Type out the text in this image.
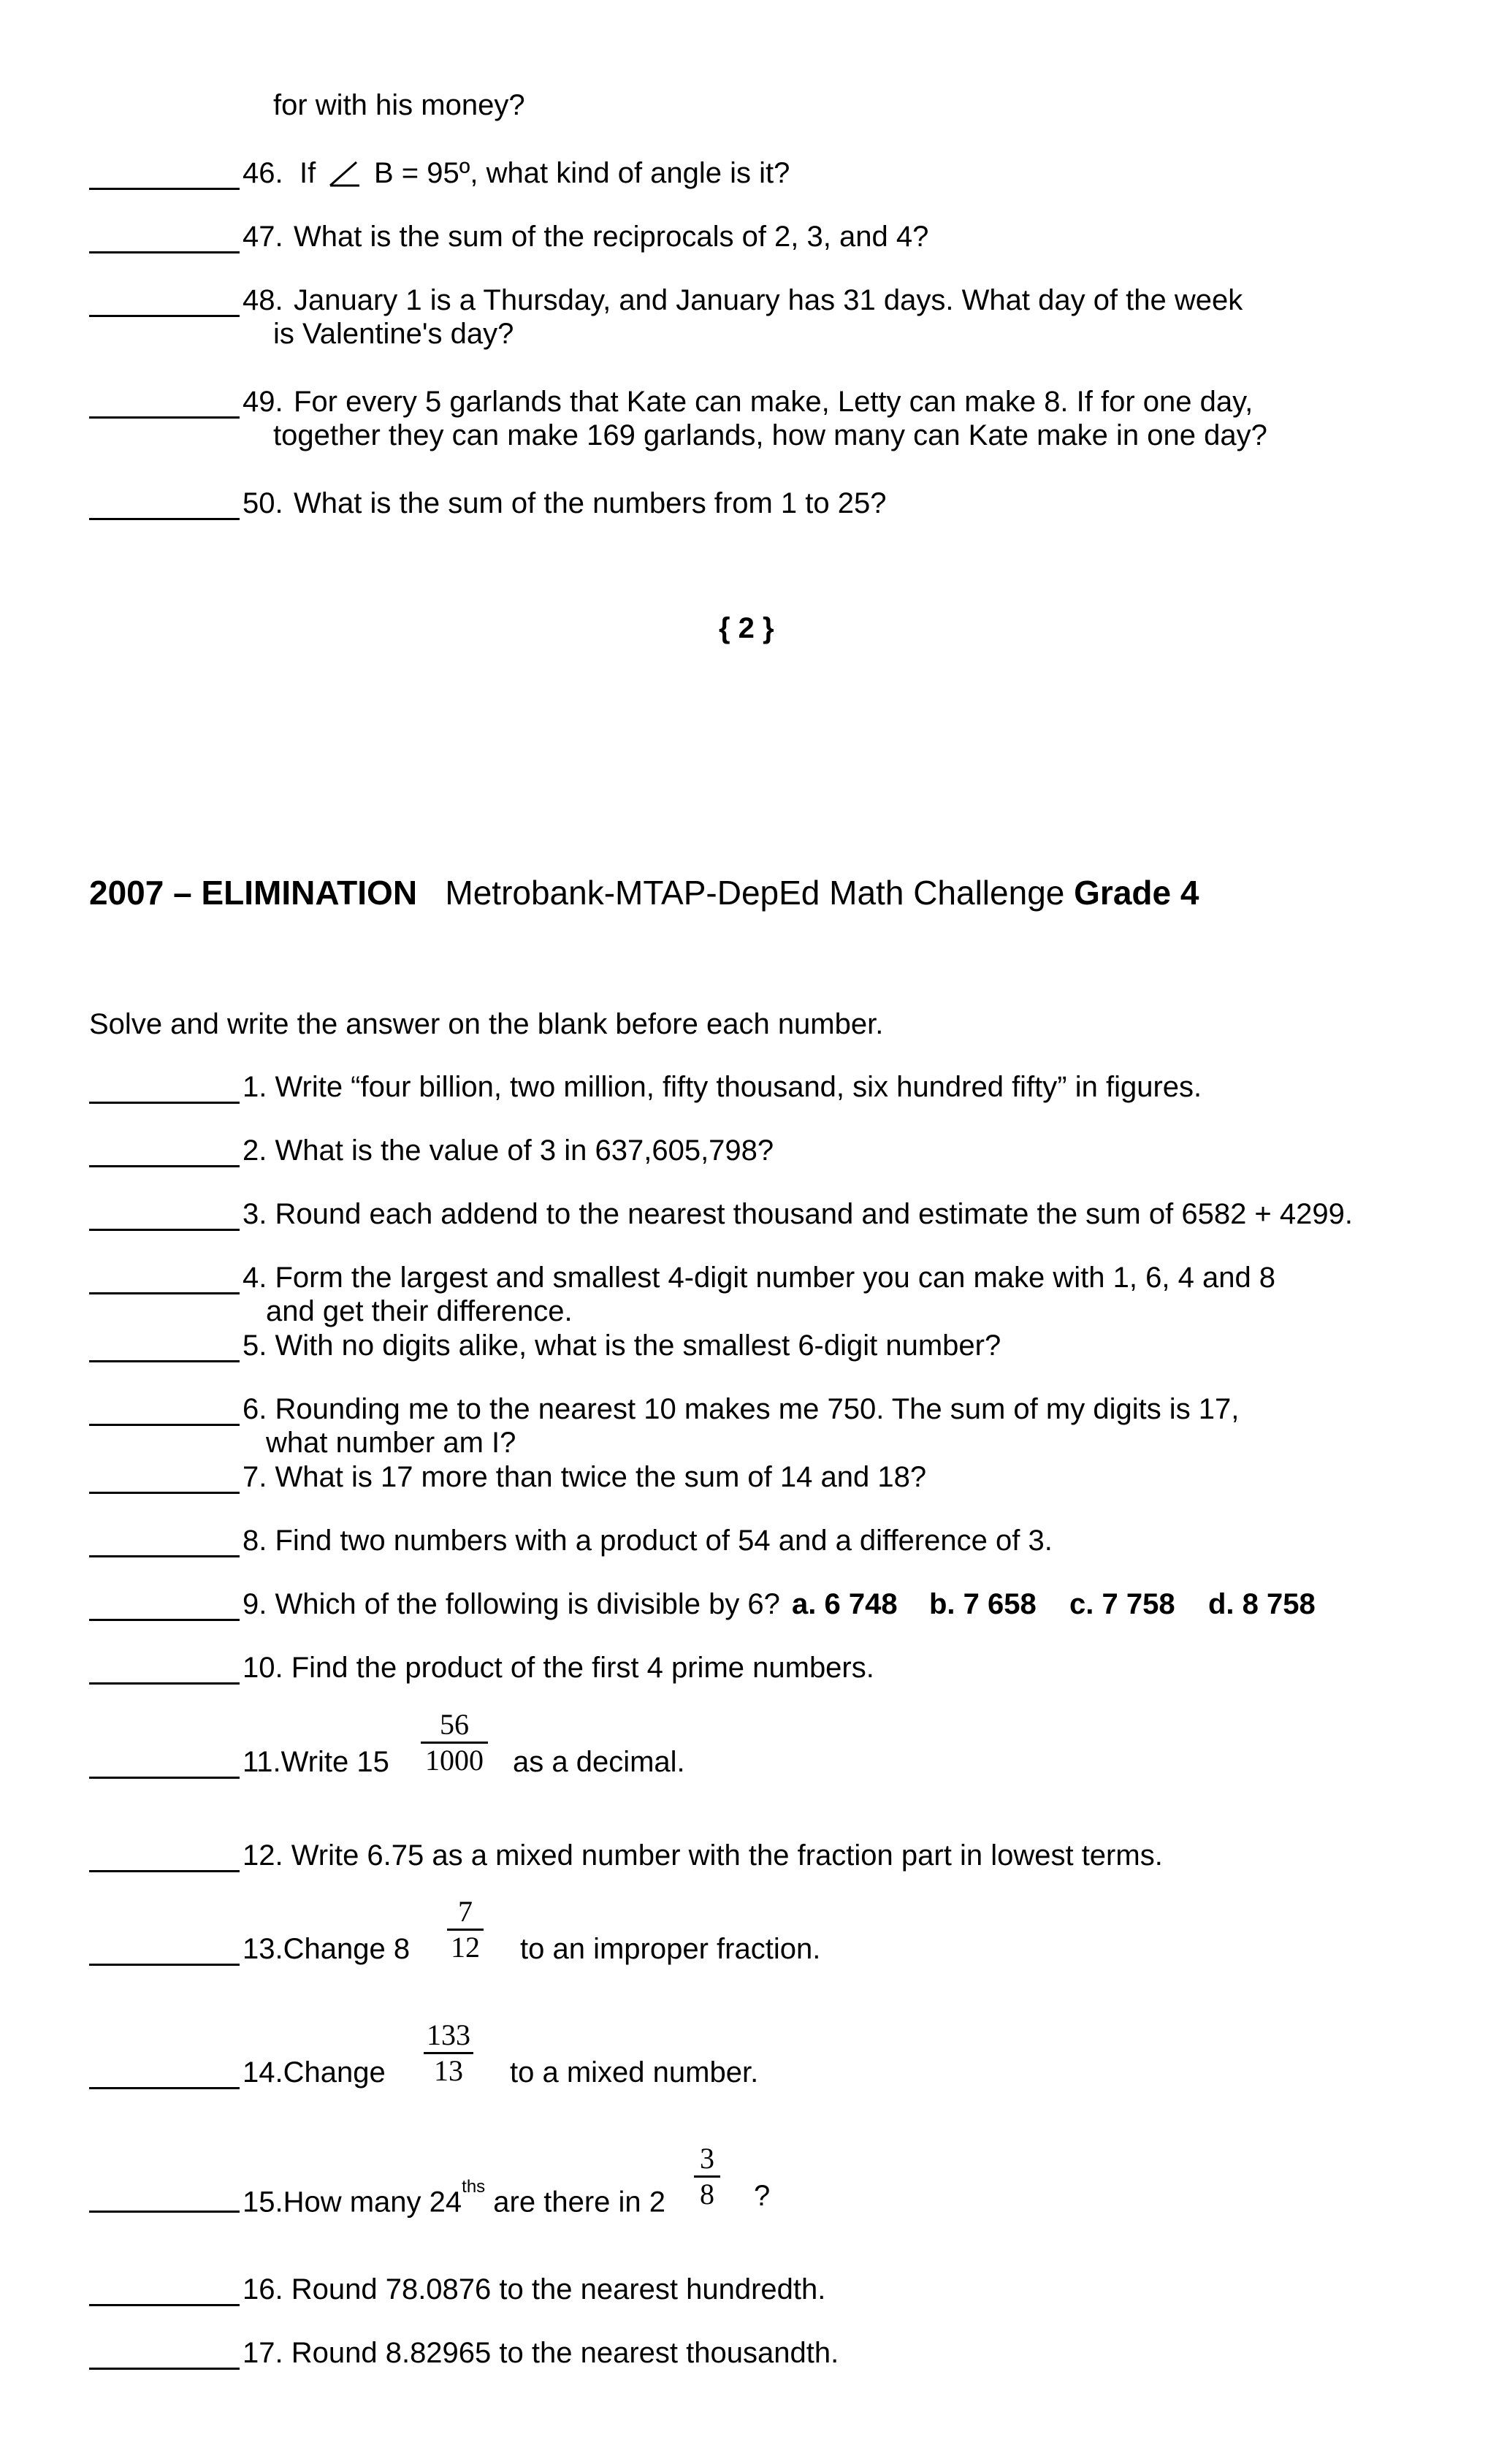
for with his money?
46. If B = 95º, what kind of angle is it?
47. What is the sum of the reciprocals of 2, 3, and 4?
48. January 1 is a Thursday, and January has 31 days. What day of the week
is Valentine's day?
49. For every 5 garlands that Kate can make, Letty can make 8. If for one day,
together they can make 169 garlands, how many can Kate make in one day?
50. What is the sum of the numbers from 1 to 25?
{ 2 }
2007 – ELIMINATION Metrobank-MTAP-DepEd Math Challenge Grade 4
Solve and write the answer on the blank before each number.
1. Write “four billion, two million, fifty thousand, six hundred fifty” in figures.
2. What is the value of 3 in 637,605,798?
3. Round each addend to the nearest thousand and estimate the sum of 6582 + 4299.
4. Form the largest and smallest 4-digit number you can make with 1, 6, 4 and 8
and get their difference.
5. With no digits alike, what is the smallest 6-digit number?
6. Rounding me to the nearest 10 makes me 750. The sum of my digits is 17,
what number am I?
7. What is 17 more than twice the sum of 14 and 18?
8. Find two numbers with a product of 54 and a difference of 3.
9. Which of the following is divisible by 6? a. 6 748 b. 7 658 c. 7 758 d. 8 758
10. Find the product of the first 4 prime numbers.
11.Write 15
56
1000 as a decimal.
12. Write 6.75 as a mixed number with the fraction part in lowest terms.
13.Change 8
7
12 to an improper fraction.
14.Change
133
13	to a mixed number.
15.How many $24^{ths}$ are there in 2
3
8 ?
16. Round 78.0876 to the nearest hundredth.
17. Round 8.82965 to the nearest thousandth.
